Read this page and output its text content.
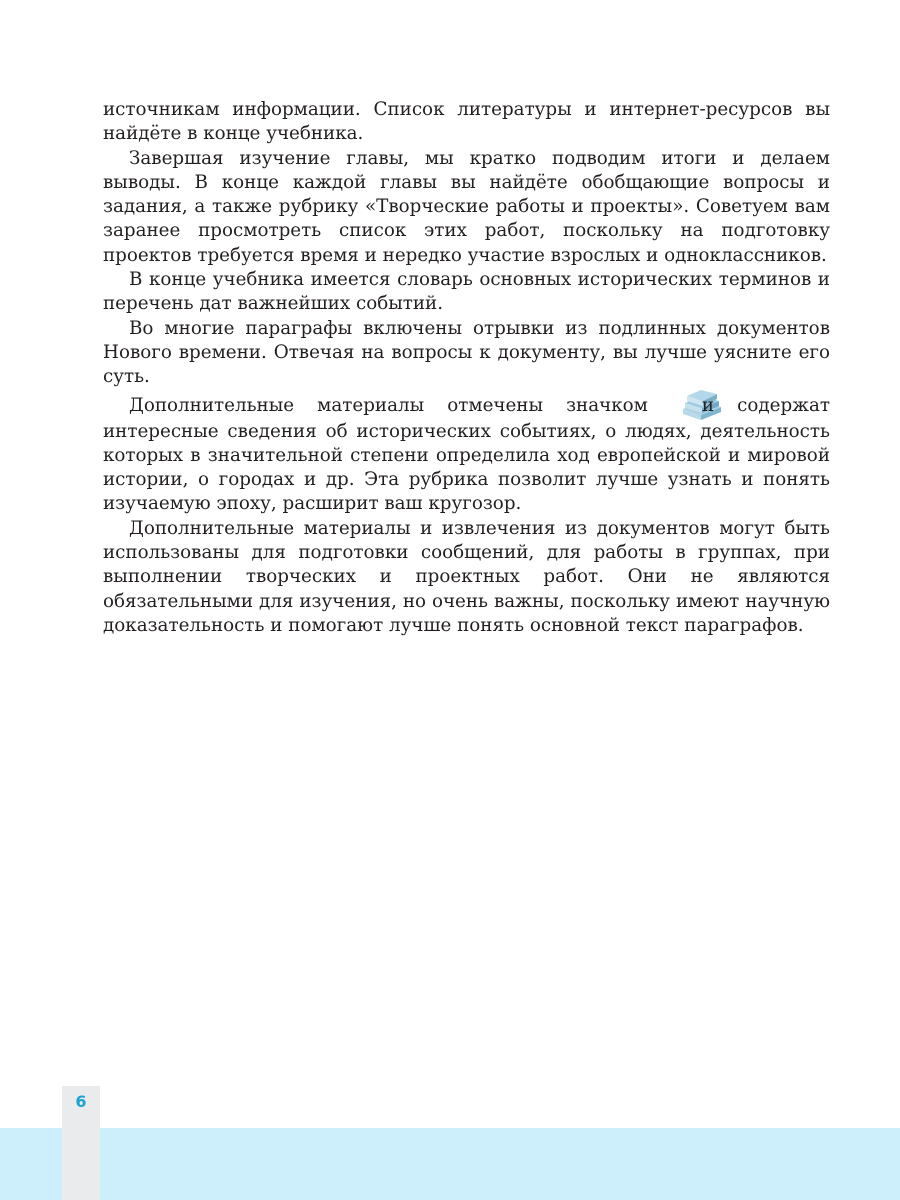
источникам информации. Список литературы и интернет-ресурсов вы найдёте в конце учебника.

Завершая изучение главы, мы кратко подводим итоги и делаем выводы. В конце каждой главы вы найдёте обобщающие вопросы и задания, а также рубрику «Творческие работы и проекты». Советуем вам заранее просмотреть список этих работ, поскольку на подготовку проектов требуется время и нередко участие взрослых и одноклассников.

В конце учебника имеется словарь основных исторических терминов и перечень дат важнейших событий.

Во многие параграфы включены отрывки из подлинных документов Нового времени. Отвечая на вопросы к документу, вы лучше уясните его суть.

Дополнительные материалы отмечены значком	и содержат интересные сведения об исторических событиях, о людях, деятельность которых в значительной степени определила ход европейской и мировой истории, о городах и др. Эта рубрика позволит лучше узнать и понять изучаемую эпоху, расширит ваш кругозор.

Дополнительные материалы и извлечения из документов могут быть использованы для подготовки сообщений, для работы в группах, при выполнении творческих и проектных работ. Они не являются обязательными для изучения, но очень важны, поскольку имеют научную доказательность и помогают лучше понять основной текст параграфов.

6
